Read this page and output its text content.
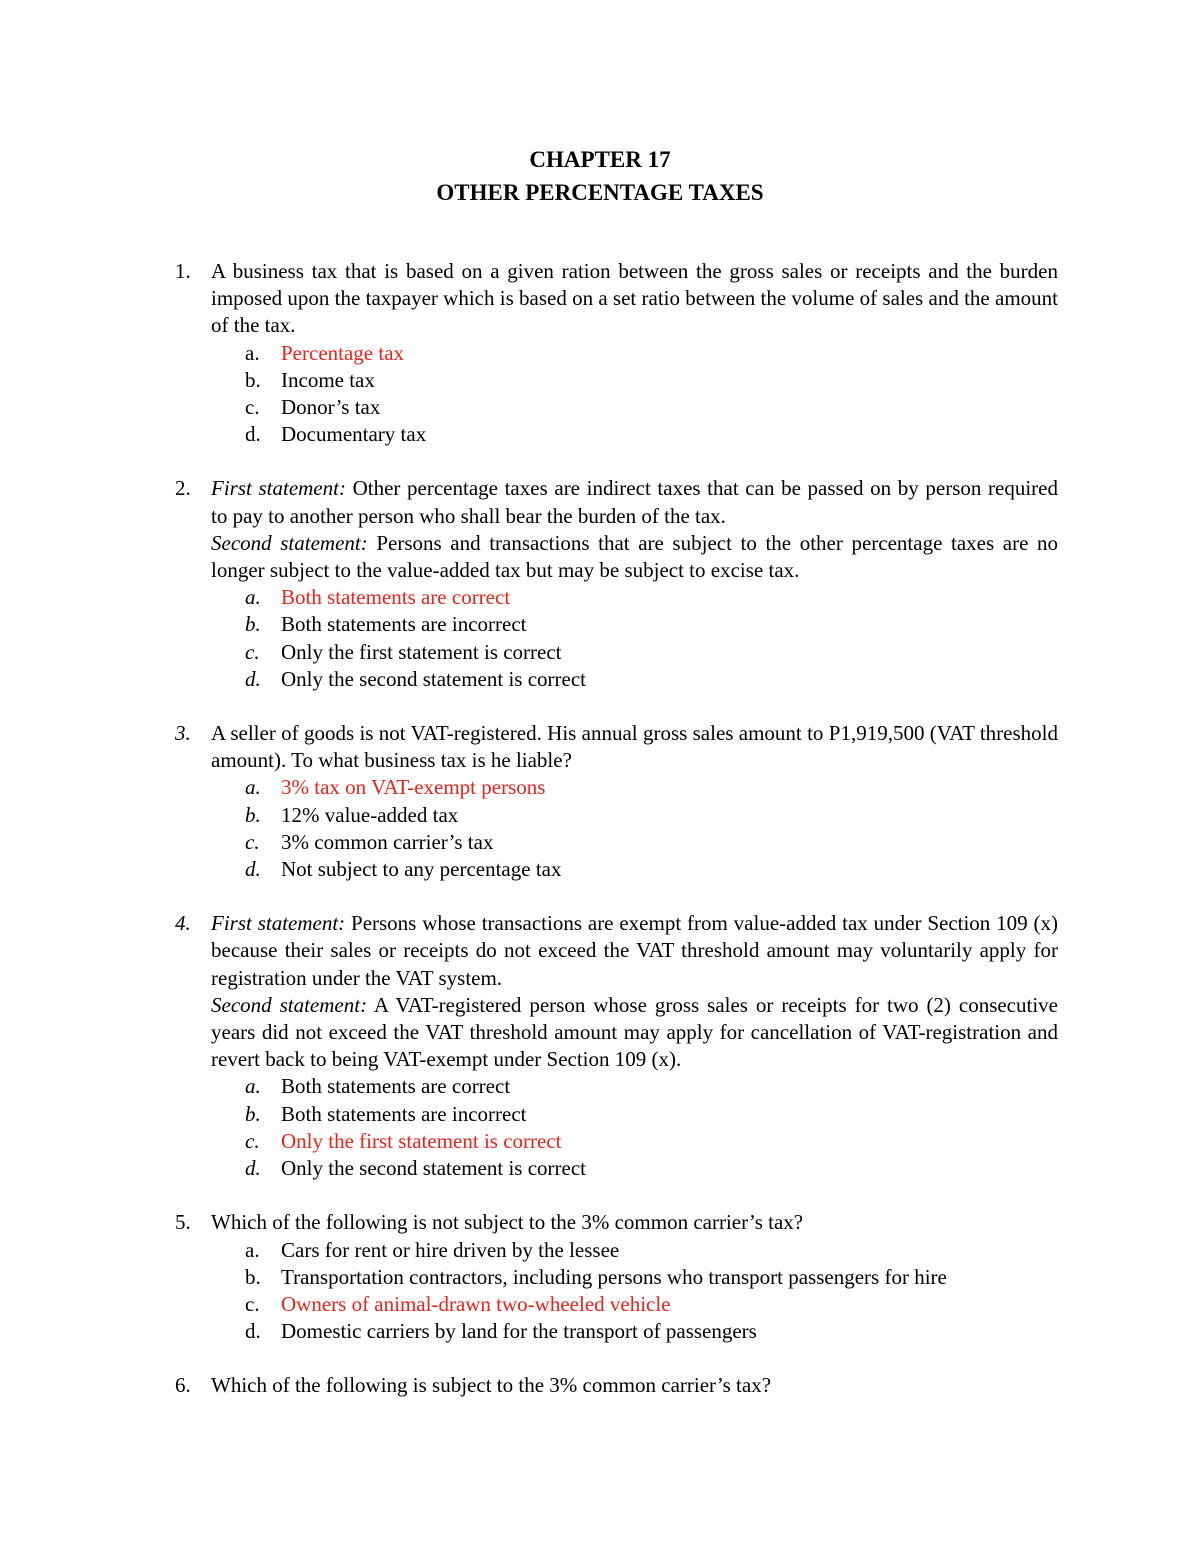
CHAPTER 17
OTHER PERCENTAGE TAXES
1. A business tax that is based on a given ration between the gross sales or receipts and the burden imposed upon the taxpayer which is based on a set ratio between the volume of sales and the amount of the tax.
a. Percentage tax
b. Income tax
c. Donor’s tax
d. Documentary tax
2. First statement: Other percentage taxes are indirect taxes that can be passed on by person required to pay to another person who shall bear the burden of the tax.
Second statement: Persons and transactions that are subject to the other percentage taxes are no longer subject to the value-added tax but may be subject to excise tax.
a. Both statements are correct
b. Both statements are incorrect
c. Only the first statement is correct
d. Only the second statement is correct
3. A seller of goods is not VAT-registered. His annual gross sales amount to P1,919,500 (VAT threshold amount). To what business tax is he liable?
a. 3% tax on VAT-exempt persons
b. 12% value-added tax
c. 3% common carrier’s tax
d. Not subject to any percentage tax
4. First statement: Persons whose transactions are exempt from value-added tax under Section 109 (x) because their sales or receipts do not exceed the VAT threshold amount may voluntarily apply for registration under the VAT system.
Second statement: A VAT-registered person whose gross sales or receipts for two (2) consecutive years did not exceed the VAT threshold amount may apply for cancellation of VAT-registration and revert back to being VAT-exempt under Section 109 (x).
a. Both statements are correct
b. Both statements are incorrect
c. Only the first statement is correct
d. Only the second statement is correct
5. Which of the following is not subject to the 3% common carrier’s tax?
a. Cars for rent or hire driven by the lessee
b. Transportation contractors, including persons who transport passengers for hire
c. Owners of animal-drawn two-wheeled vehicle
d. Domestic carriers by land for the transport of passengers
6. Which of the following is subject to the 3% common carrier’s tax?
